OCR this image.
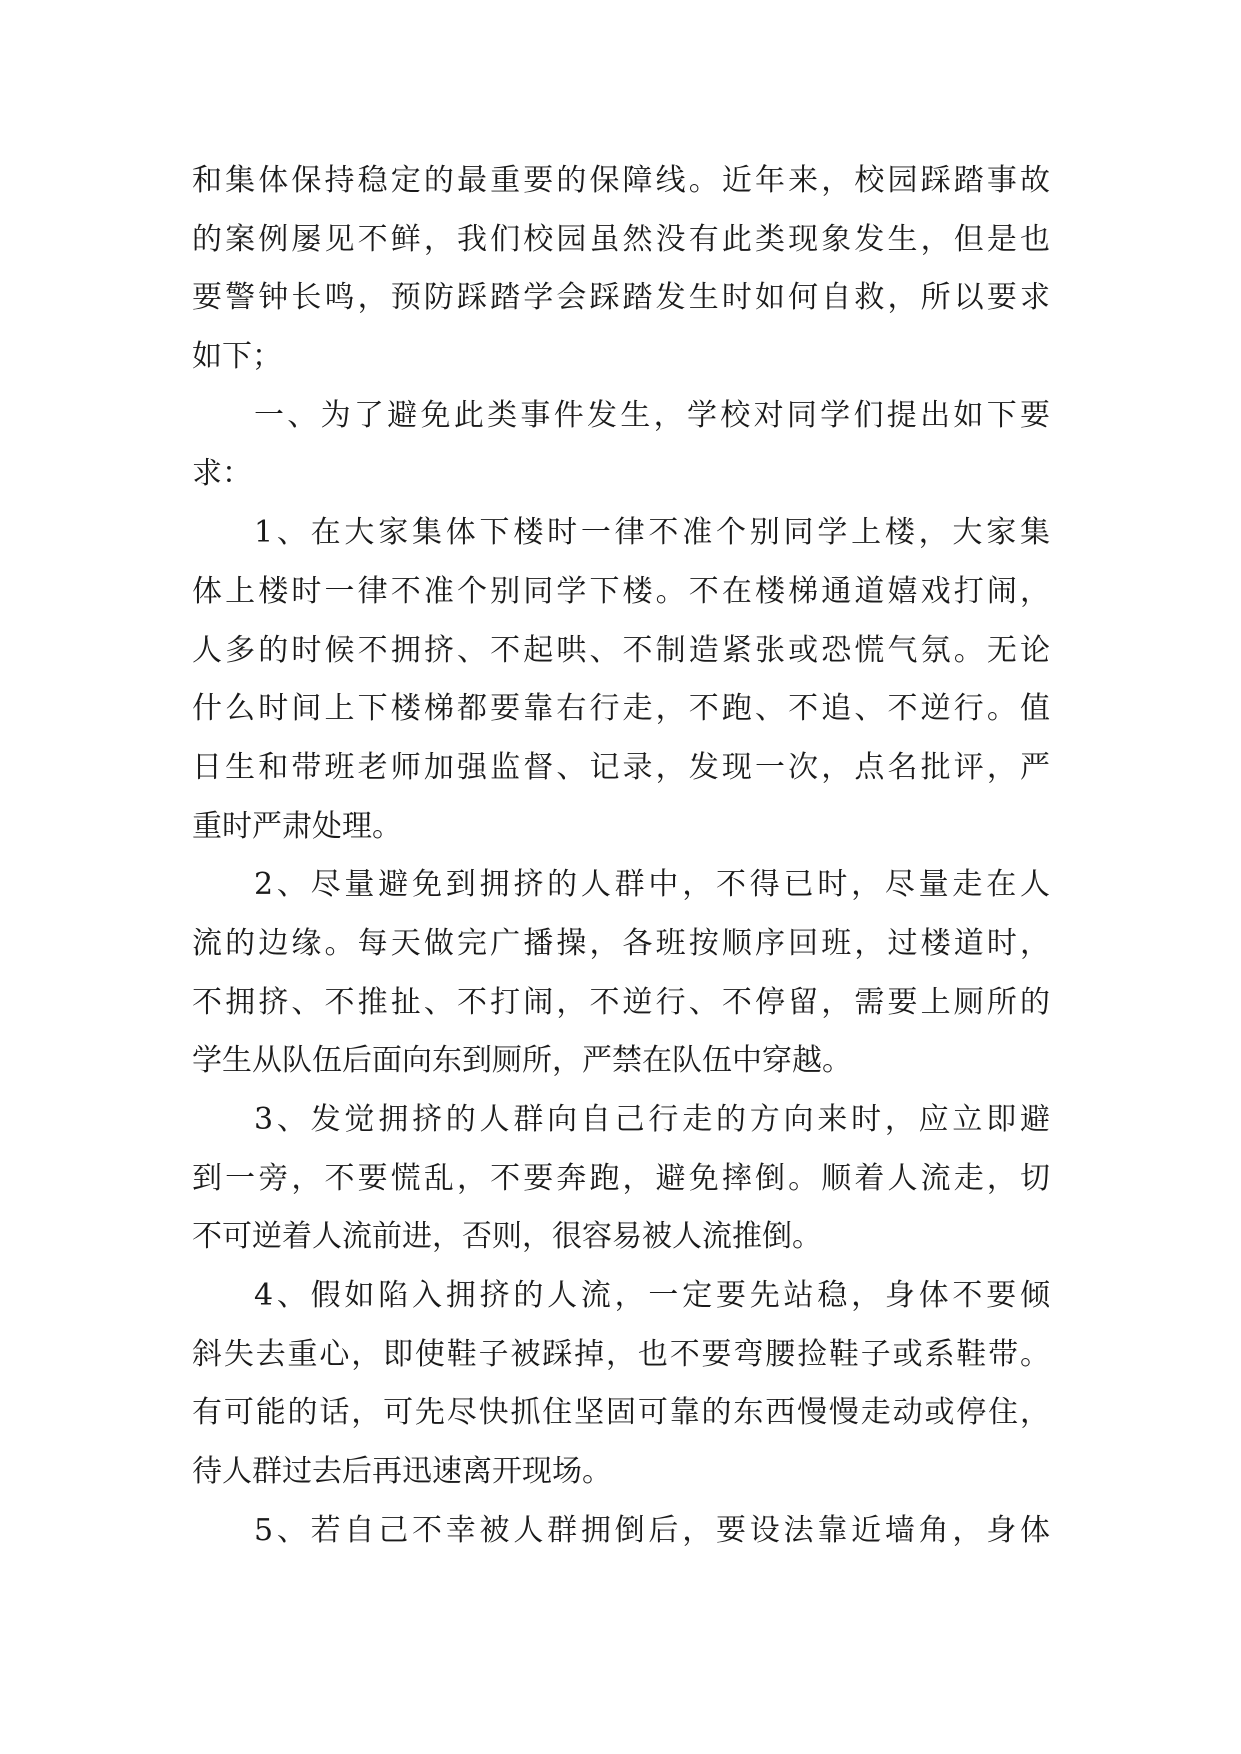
和集体保持稳定的最重要的保障线。近年来，校园踩踏事故
的案例屡见不鲜，我们校园虽然没有此类现象发生，但是也
要警钟长鸣，预防踩踏学会踩踏发生时如何自救，所以要求
如下；
一、为了避免此类事件发生，学校对同学们提出如下要
求：
1、在大家集体下楼时一律不准个别同学上楼，大家集
体上楼时一律不准个别同学下楼。不在楼梯通道嬉戏打闹，
人多的时候不拥挤、不起哄、不制造紧张或恐慌气氛。无论
什么时间上下楼梯都要靠右行走，不跑、不追、不逆行。值
日生和带班老师加强监督、记录，发现一次，点名批评，严
重时严肃处理。
2、尽量避免到拥挤的人群中，不得已时，尽量走在人
流的边缘。每天做完广播操，各班按顺序回班，过楼道时，
不拥挤、不推扯、不打闹，不逆行、不停留，需要上厕所的
学生从队伍后面向东到厕所，严禁在队伍中穿越。
3、发觉拥挤的人群向自己行走的方向来时，应立即避
到一旁，不要慌乱，不要奔跑，避免摔倒。顺着人流走，切
不可逆着人流前进，否则，很容易被人流推倒。
4、假如陷入拥挤的人流，一定要先站稳，身体不要倾
斜失去重心，即使鞋子被踩掉，也不要弯腰捡鞋子或系鞋带。
有可能的话，可先尽快抓住坚固可靠的东西慢慢走动或停住，
待人群过去后再迅速离开现场。
5、若自己不幸被人群拥倒后，要设法靠近墙角，身体
